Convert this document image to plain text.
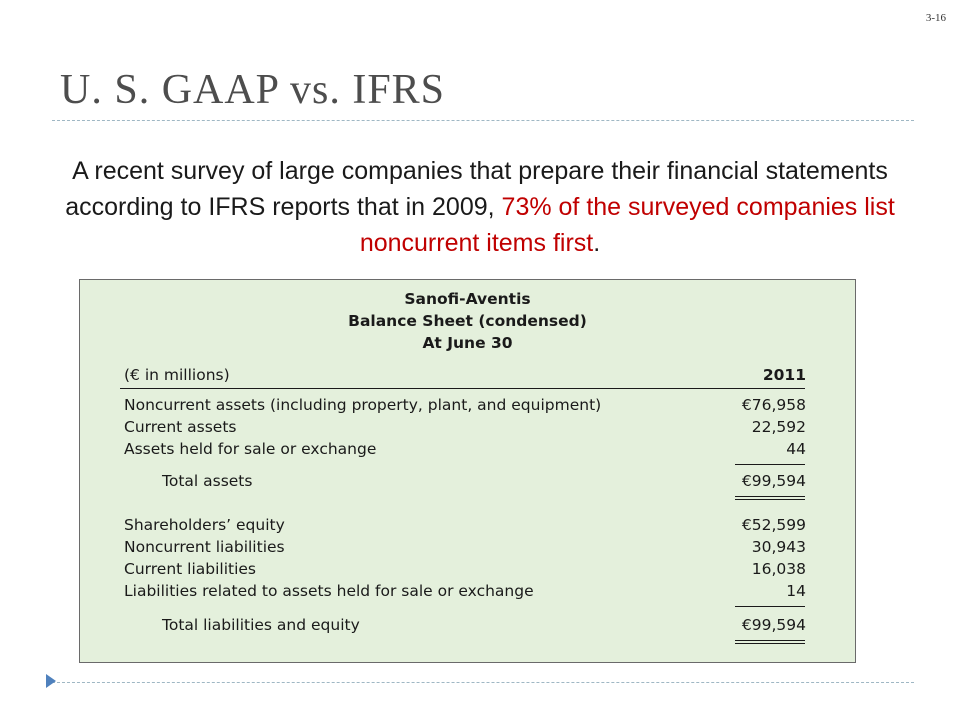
3-16
U. S. GAAP vs. IFRS

A recent survey of large companies that prepare their financial statements according to IFRS reports that in 2009, 73% of the surveyed companies list noncurrent items first.

Sanofi-Aventis
Balance Sheet (condensed)
At June 30
(€ in millions)	2011
Noncurrent assets (including property, plant, and equipment)	€76,958
Current assets	22,592
Assets held for sale or exchange	44
Total assets	€99,594
Shareholders’ equity	€52,599
Noncurrent liabilities	30,943
Current liabilities	16,038
Liabilities related to assets held for sale or exchange	14
Total liabilities and equity	€99,594
